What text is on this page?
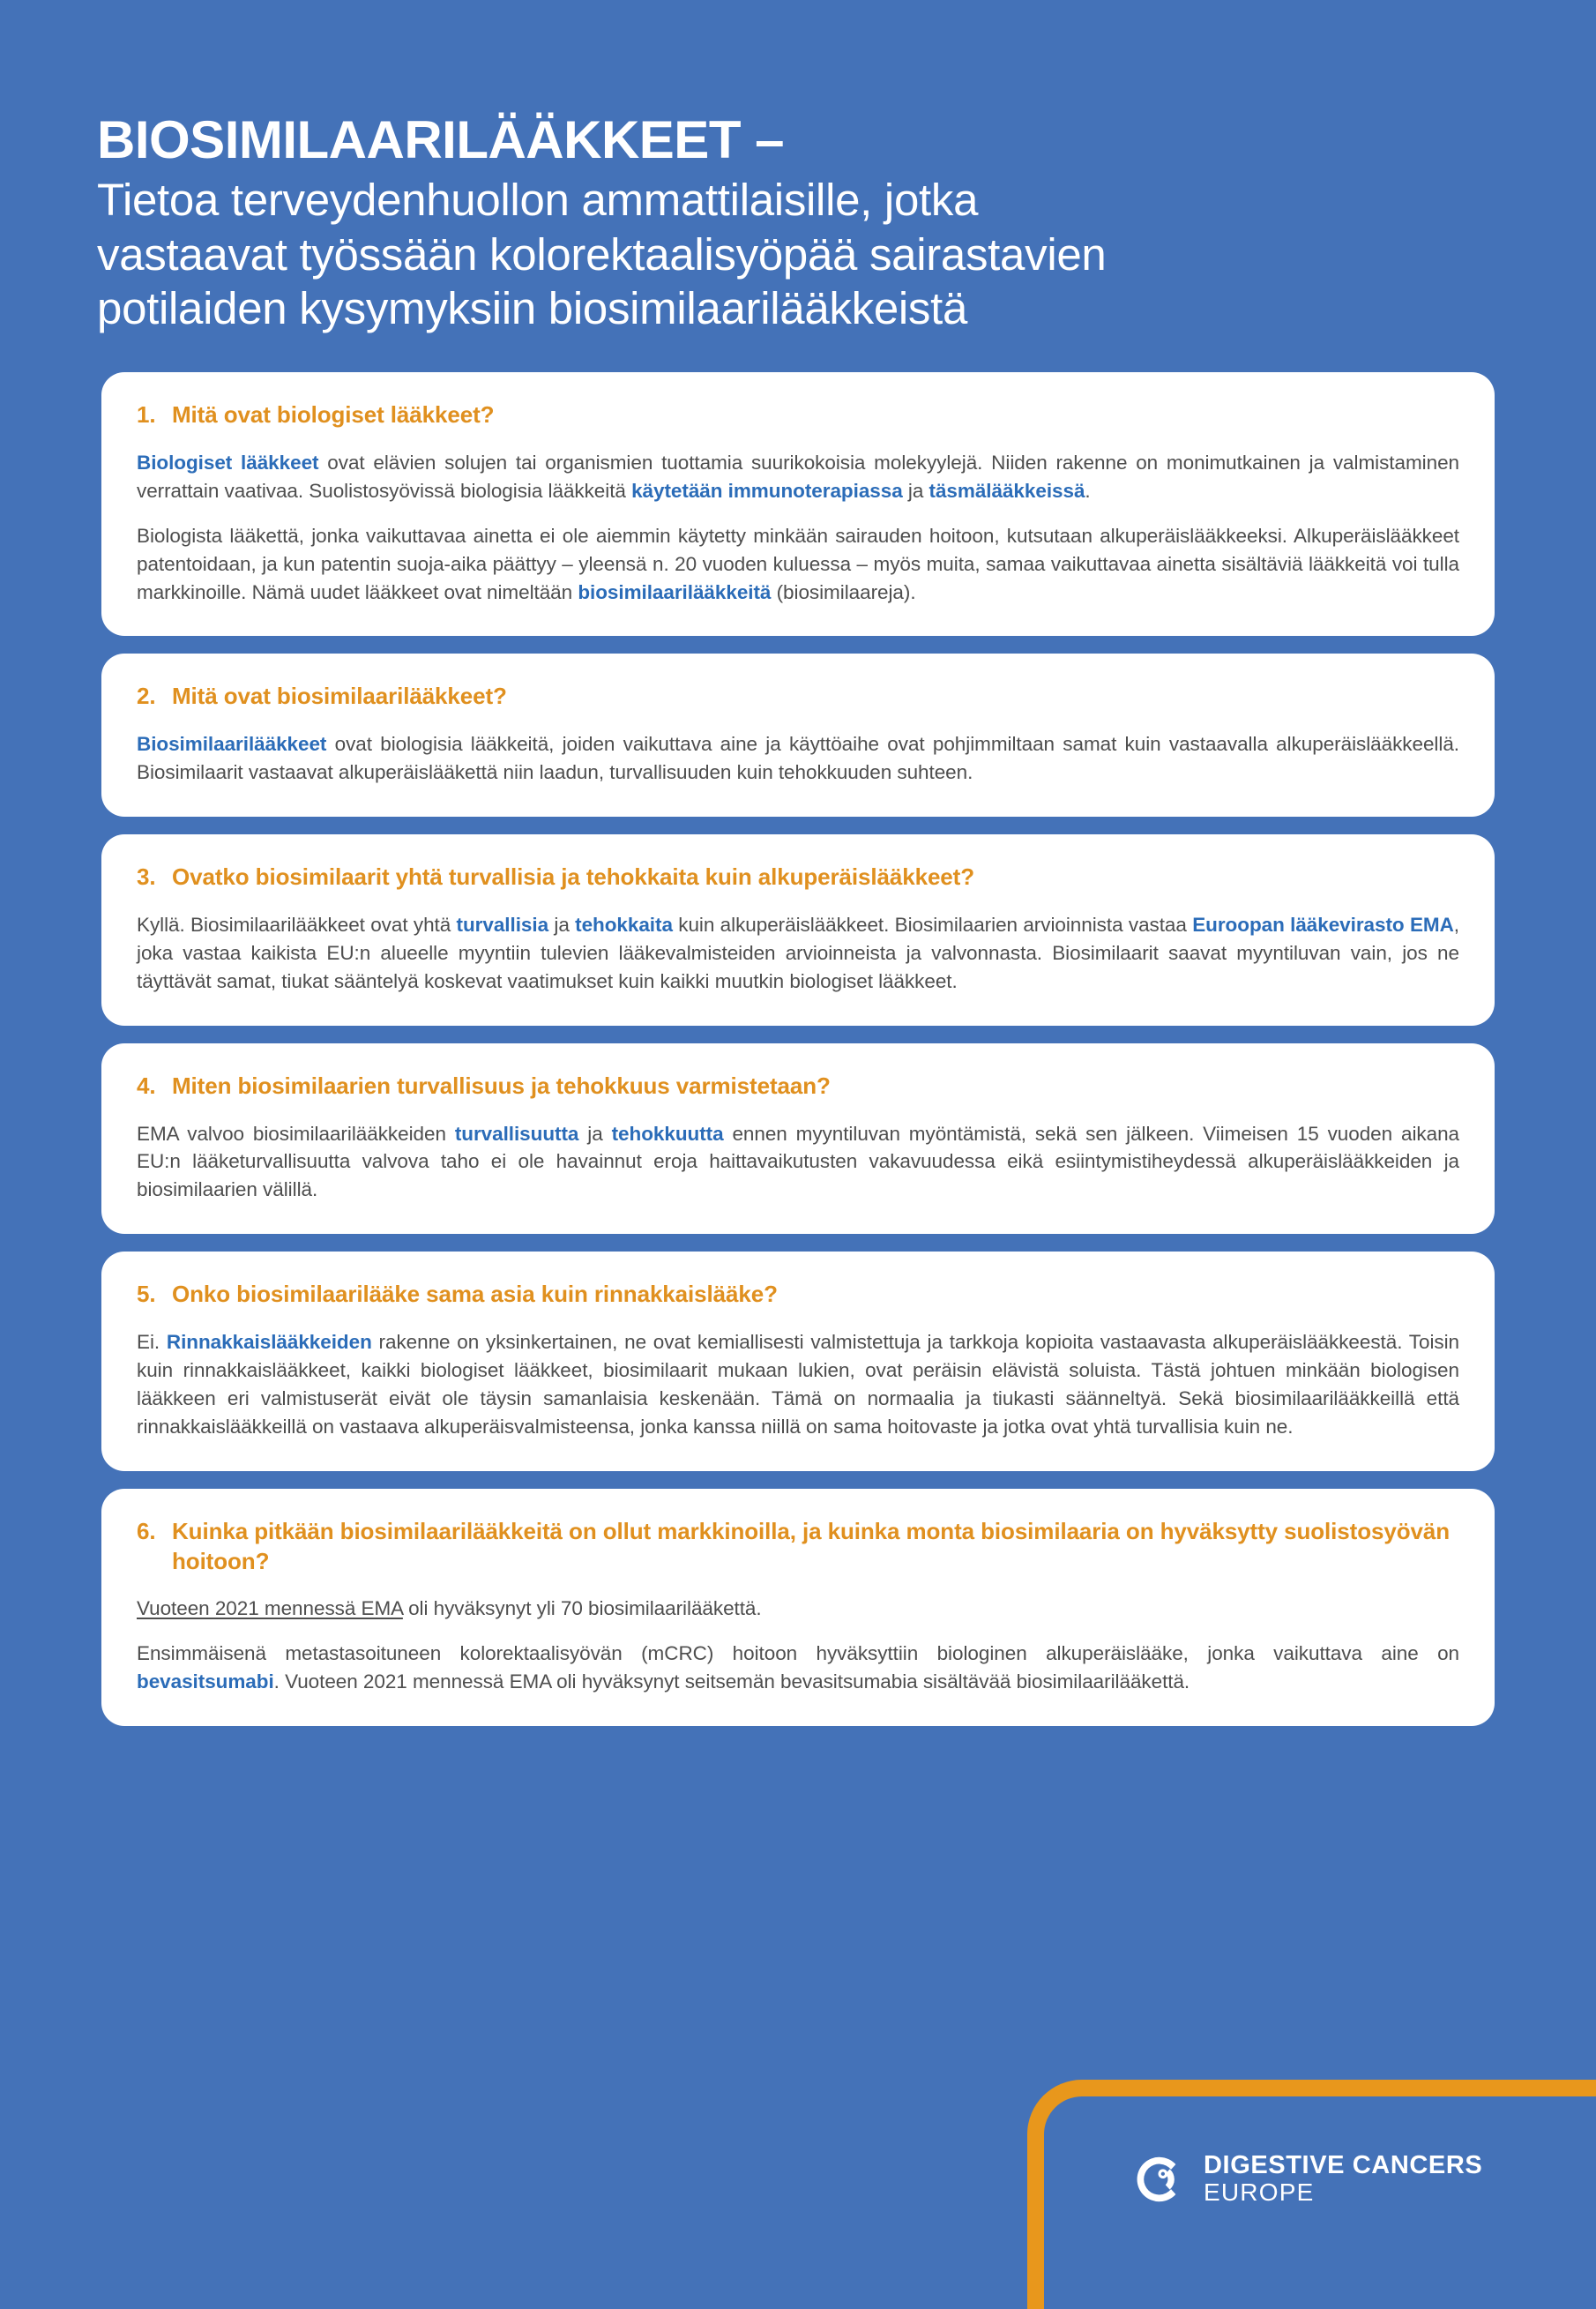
BIOSIMILAARILÄÄKKEET –
Tietoa terveydenhuollon ammattilaisille, jotka
vastaavat työssään kolorektaalisyöpää sairastavien
potilaiden kysymyksiin biosimilaarilääkkeistä
1. Mitä ovat biologiset lääkkeet?

Biologiset lääkkeet ovat elävien solujen tai organismien tuottamia suurikokoisia molekyylejä. Niiden rakenne on monimutkainen ja valmistaminen verrattain vaativaa. Suolistosyövissä biologisia lääkkeitä käytetään immunoterapiassa ja täsmälääkkeissä.

Biologista lääkettä, jonka vaikuttavaa ainetta ei ole aiemmin käytetty minkään sairauden hoitoon, kutsutaan alkuperäislääkkeeksi. Alkuperäislääkkeet patentoidaan, ja kun patentin suoja-aika päättyy – yleensä n. 20 vuoden kuluessa – myös muita, samaa vaikuttavaa ainetta sisältäviä lääkkeitä voi tulla markkinoille. Nämä uudet lääkkeet ovat nimeltään biosimilaarilääkkeitä (biosimilaareja).

2. Mitä ovat biosimilaarilääkkeet?

Biosimilaarilääkkeet ovat biologisia lääkkeitä, joiden vaikuttava aine ja käyttöaihe ovat pohjimmiltaan samat kuin vastaavalla alkuperäislääkkeellä. Biosimilaarit vastaavat alkuperäislääkettä niin laadun, turvallisuuden kuin tehokkuuden suhteen.

3. Ovatko biosimilaarit yhtä turvallisia ja tehokkaita kuin alkuperäislääkkeet?

Kyllä. Biosimilaarilääkkeet ovat yhtä turvallisia ja tehokkaita kuin alkuperäislääkkeet. Biosimilaarien arvioinnista vastaa Euroopan lääkevirasto EMA, joka vastaa kaikista EU:n alueelle myyntiin tulevien lääkevalmisteiden arvioinneista ja valvonnasta. Biosimilaarit saavat myyntiluvan vain, jos ne täyttävät samat, tiukat sääntelyä koskevat vaatimukset kuin kaikki muutkin biologiset lääkkeet.

4. Miten biosimilaarien turvallisuus ja tehokkuus varmistetaan?

EMA valvoo biosimilaarilääkkeiden turvallisuutta ja tehokkuutta ennen myyntiluvan myöntämistä, sekä sen jälkeen. Viimeisen 15 vuoden aikana EU:n lääketurvallisuutta valvova taho ei ole havainnut eroja haittavaikutusten vakavuudessa eikä esiintymistiheydessä alkuperäislääkkeiden ja biosimilaarien välillä.

5. Onko biosimilaarilääke sama asia kuin rinnakkaislääke?

Ei. Rinnakkaislääkkeiden rakenne on yksinkertainen, ne ovat kemiallisesti valmistettuja ja tarkkoja kopioita vastaavasta alkuperäislääkkeestä. Toisin kuin rinnakkaislääkkeet, kaikki biologiset lääkkeet, biosimilaarit mukaan lukien, ovat peräisin elävistä soluista. Tästä johtuen minkään biologisen lääkkeen eri valmistuserät eivät ole täysin samanlaisia keskenään. Tämä on normaalia ja tiukasti säänneltyä. Sekä biosimilaarilääkkeillä että rinnakkaislääkkeillä on vastaava alkuperäisvalmisteensa, jonka kanssa niillä on sama hoitovaste ja jotka ovat yhtä turvallisia kuin ne.

6. Kuinka pitkään biosimilaarilääkkeitä on ollut markkinoilla, ja kuinka monta biosimilaaria on hyväksytty suolistosyövän hoitoon?

Vuoteen 2021 mennessä EMA oli hyväksynyt yli 70 biosimilaarilääkettä.

Ensimmäisenä metastasoituneen kolorektaalisyövän (mCRC) hoitoon hyväksyttiin biologinen alkuperäislääke, jonka vaikuttava aine on bevasitsumabi. Vuoteen 2021 mennessä EMA oli hyväksynyt seitsemän bevasitsumabia sisältävää biosimilaarilääkettä.

DIGESTIVE CANCERS
EUROPE
